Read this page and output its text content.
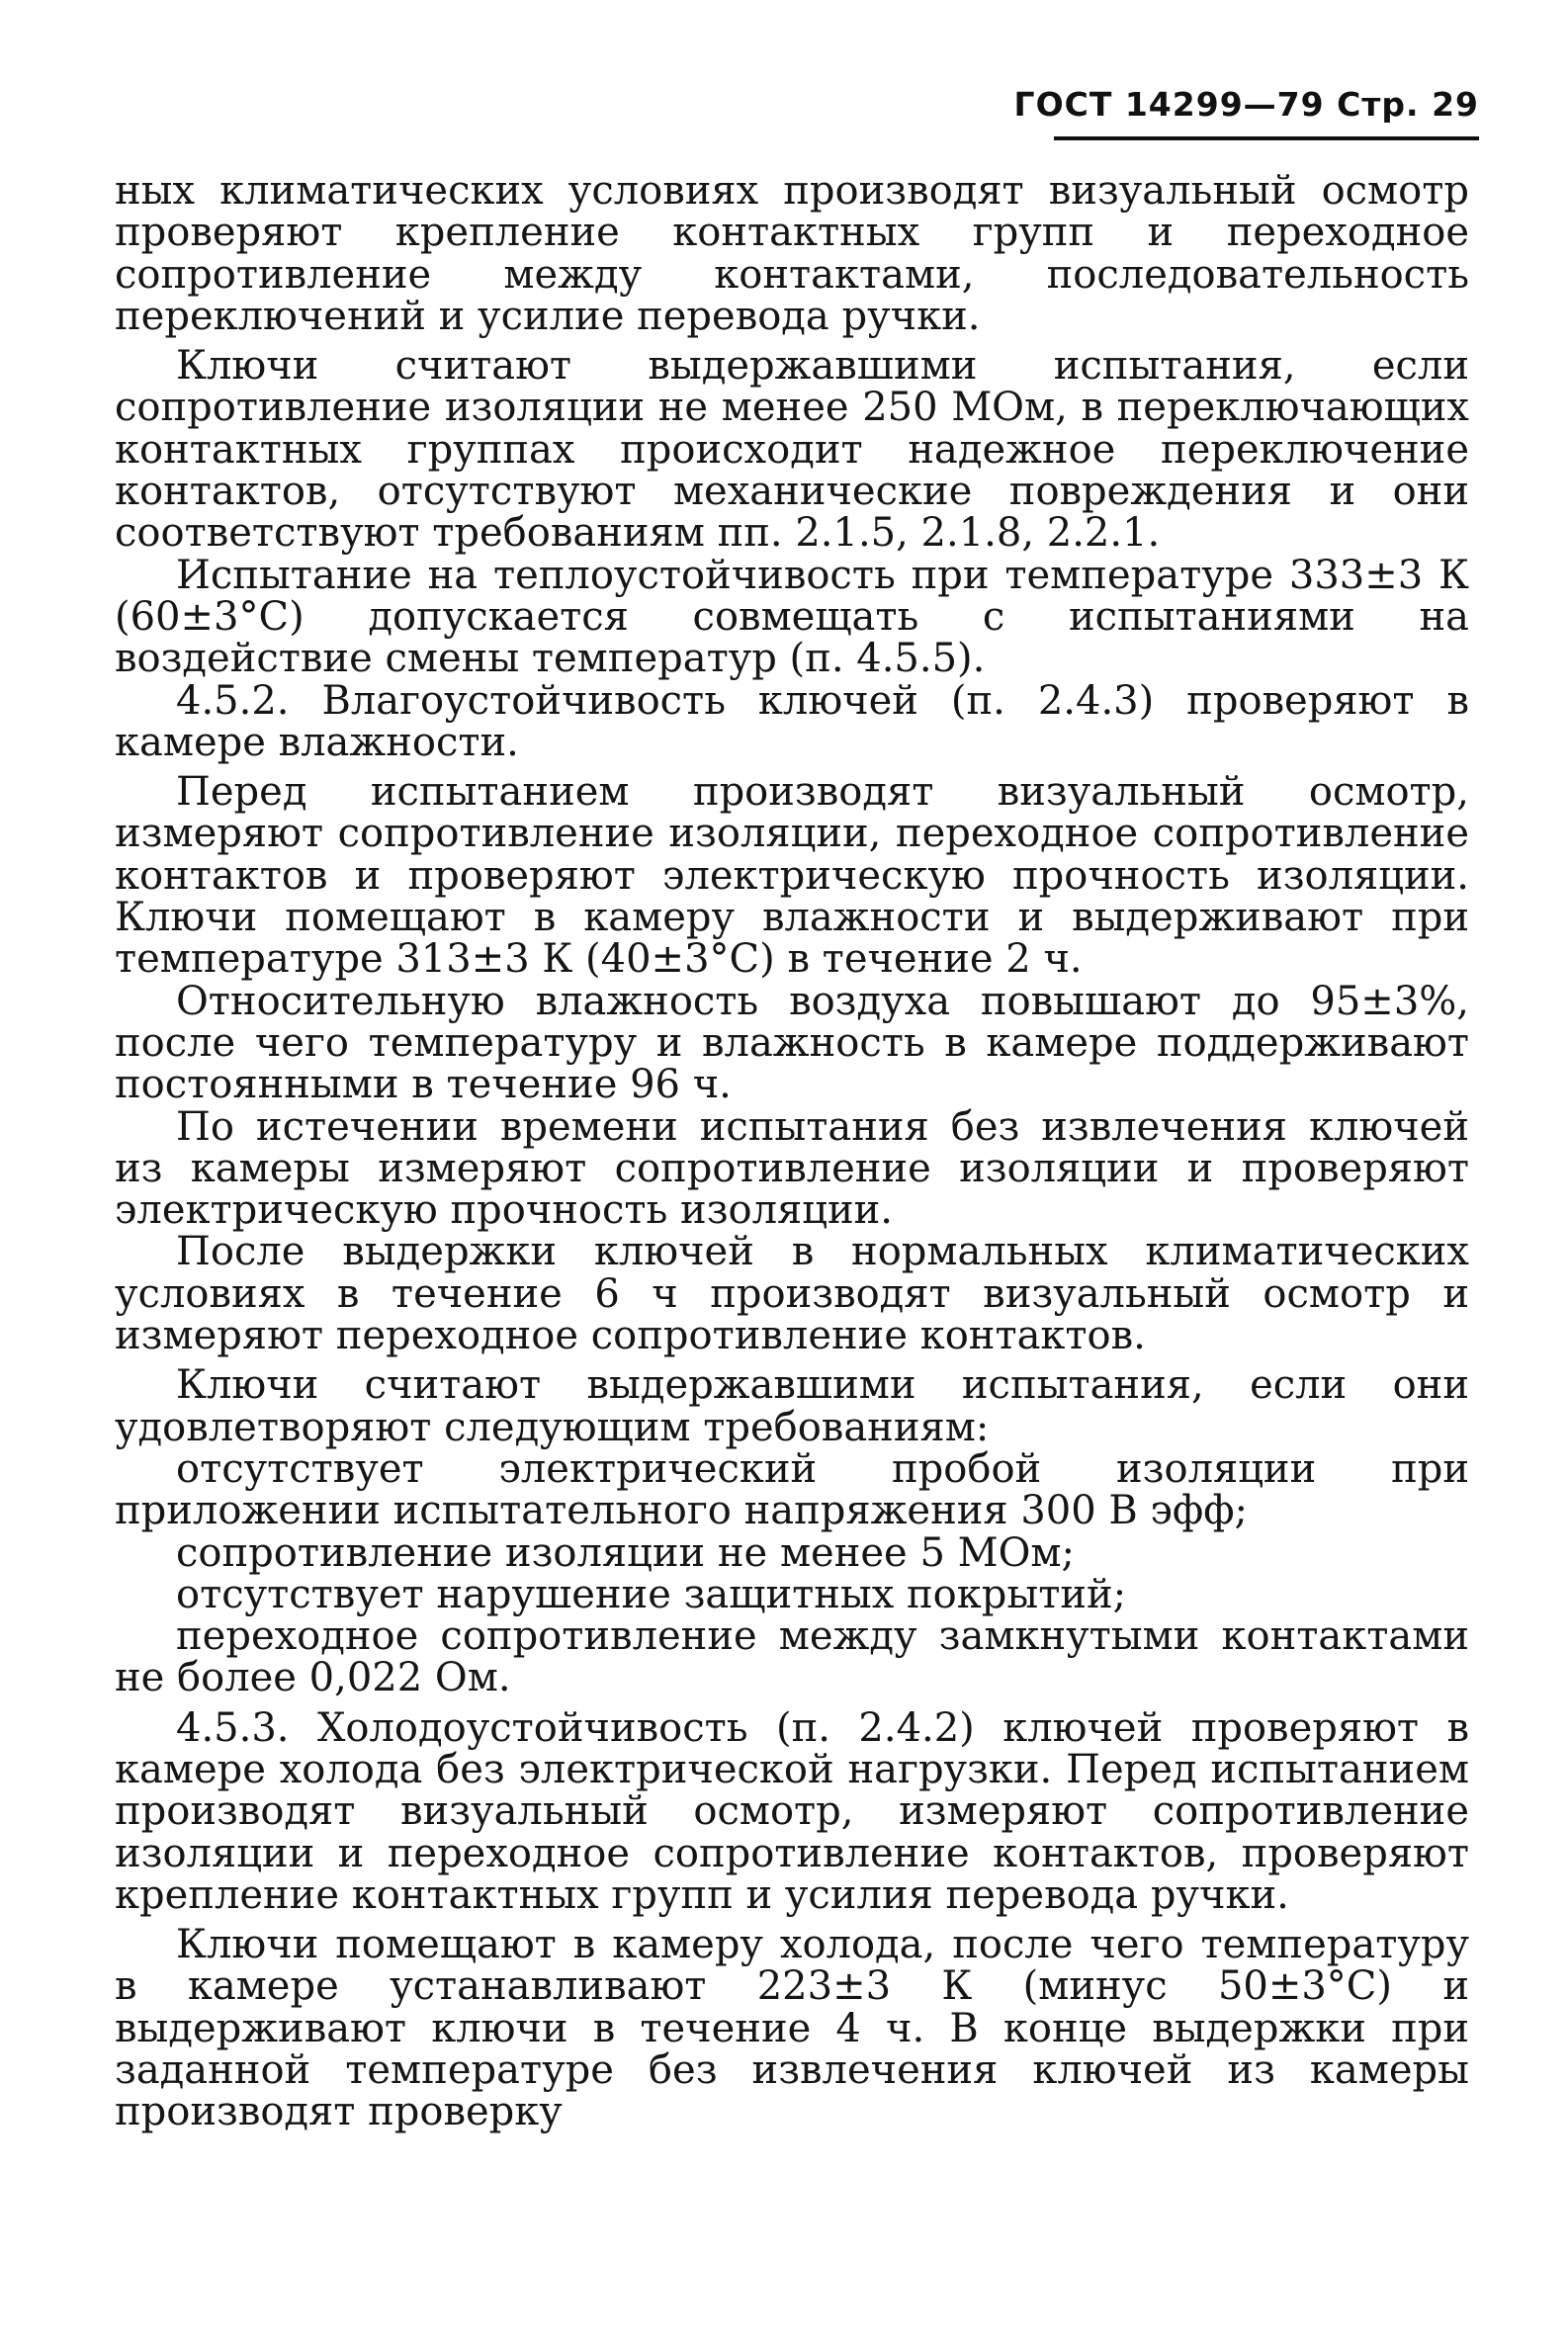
ГОСТ 14299—79 Стр. 29

ных климатических условиях производят визуальный осмотр проверяют крепление контактных групп и переходное сопротивление между контактами, последовательность переключений и усилие перевода ручки.

Ключи считают выдержавшими испытания, если сопротивление изоляции не менее 250 МОм, в переключающих контактных группах происходит надежное переключение контактов, отсутствуют механические повреждения и они соответствуют требованиям пп. 2.1.5, 2.1.8, 2.2.1.

Испытание на теплоустойчивость при температуре 333±3 К (60±3°С) допускается совмещать с испытаниями на воздействие смены температур (п. 4.5.5).

4.5.2. Влагоустойчивость ключей (п. 2.4.3) проверяют в камере влажности.

Перед испытанием производят визуальный осмотр, измеряют сопротивление изоляции, переходное сопротивление контактов и проверяют электрическую прочность изоляции. Ключи помещают в камеру влажности и выдерживают при температуре 313±3 К (40±3°С) в течение 2 ч.

Относительную влажность воздуха повышают до 95±3%, после чего температуру и влажность в камере поддерживают постоянными в течение 96 ч.

По истечении времени испытания без извлечения ключей из камеры измеряют сопротивление изоляции и проверяют электрическую прочность изоляции.

После выдержки ключей в нормальных климатических условиях в течение 6 ч производят визуальный осмотр и измеряют переходное сопротивление контактов.

Ключи считают выдержавшими испытания, если они удовлетворяют следующим требованиям:

отсутствует электрический пробой изоляции при приложении испытательного напряжения 300 В эфф;

сопротивление изоляции не менее 5 МОм;

отсутствует нарушение защитных покрытий;

переходное сопротивление между замкнутыми контактами не более 0,022 Ом.

4.5.3. Холодоустойчивость (п. 2.4.2) ключей проверяют в камере холода без электрической нагрузки. Перед испытанием производят визуальный осмотр, измеряют сопротивление изоляции и переходное сопротивление контактов, проверяют крепление контактных групп и усилия перевода ручки.

Ключи помещают в камеру холода, после чего температуру в камере устанавливают 223±3 К (минус 50±3°С) и выдерживают ключи в течение 4 ч. В конце выдержки при заданной температуре без извлечения ключей из камеры производят проверку
